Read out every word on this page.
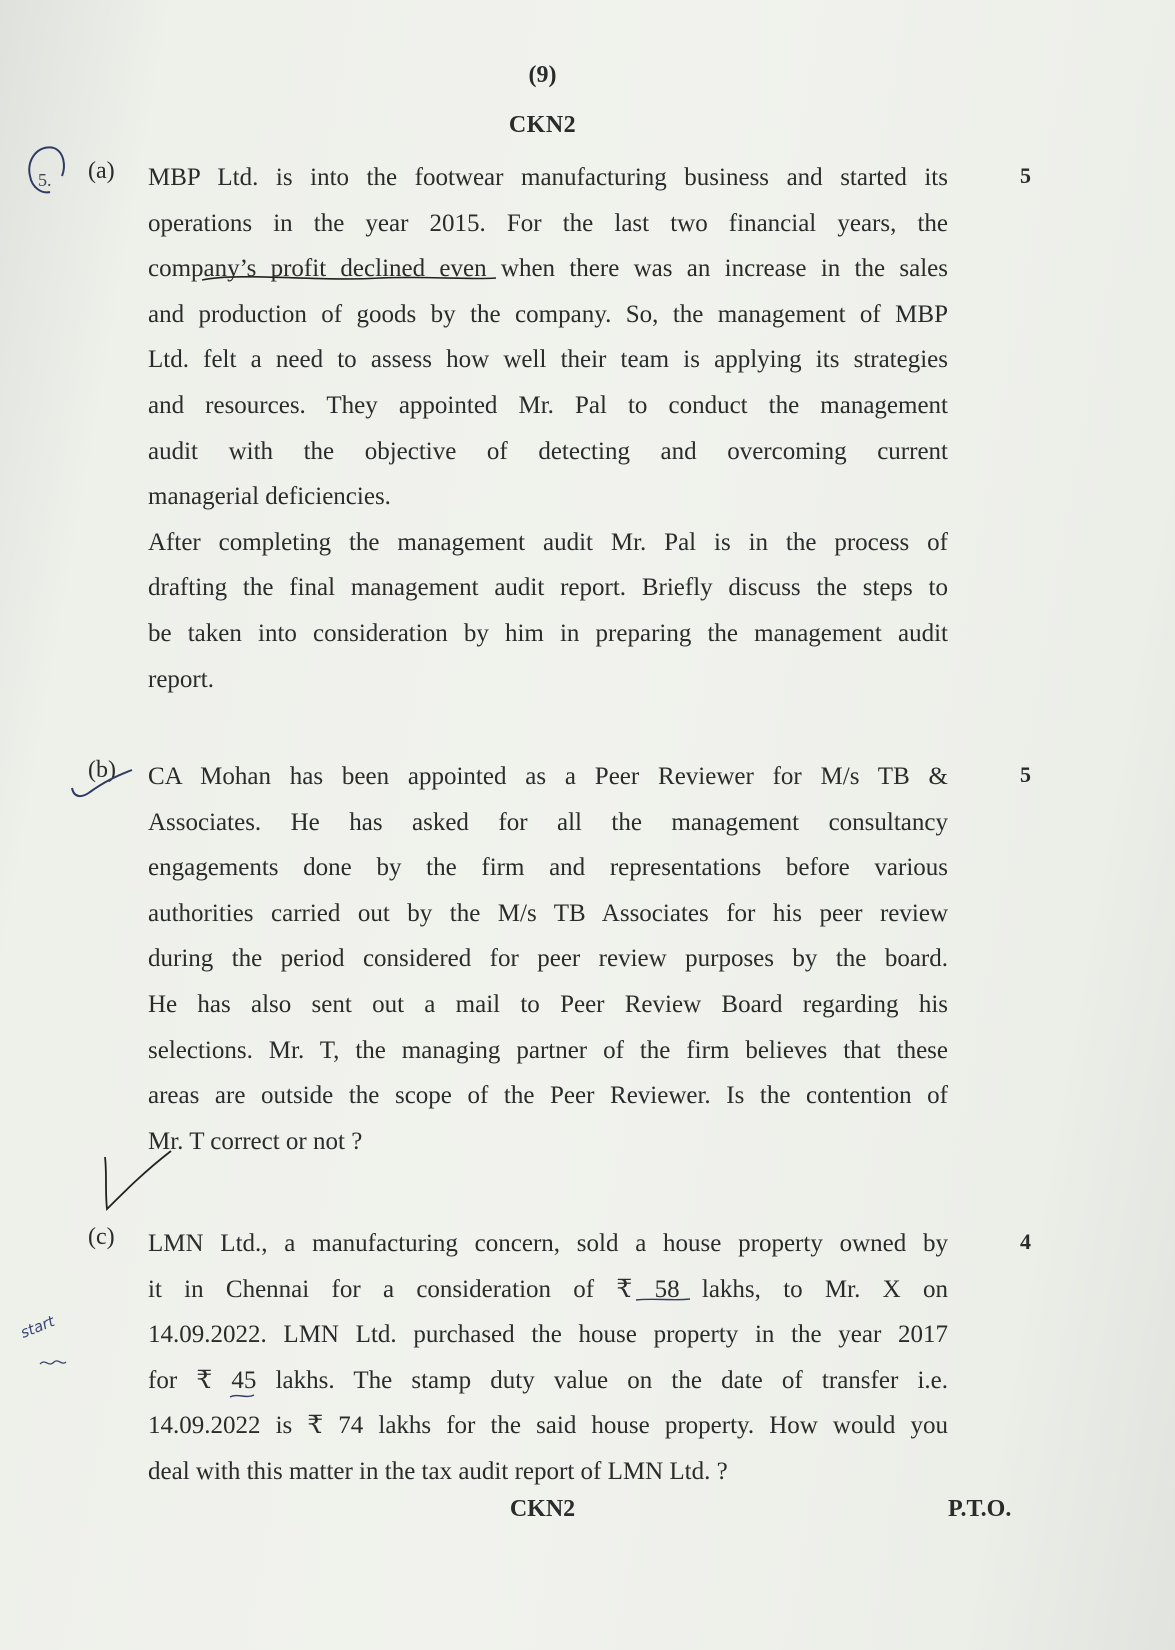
(9)
CKN2
5. (a)	5
MBP Ltd. is into the footwear manufacturing business and started its
operations in the year 2015. For the last two financial years, the
company’s profit declined even when there was an increase in the sales
and production of goods by the company. So, the management of MBP
Ltd. felt a need to assess how well their team is applying its strategies
and resources. They appointed Mr. Pal to conduct the management
audit with the objective of detecting and overcoming current
managerial deficiencies.
After completing the management audit Mr. Pal is in the process of
drafting the final management audit report. Briefly discuss the steps to
be taken into consideration by him in preparing the management audit
report.
(b)	5
CA Mohan has been appointed as a Peer Reviewer for M/s TB &
Associates. He has asked for all the management consultancy
engagements done by the firm and representations before various
authorities carried out by the M/s TB Associates for his peer review
during the period considered for peer review purposes by the board.
He has also sent out a mail to Peer Review Board regarding his
selections. Mr. T, the managing partner of the firm believes that these
areas are outside the scope of the Peer Reviewer. Is the contention of
Mr. T correct or not ?
(c)	4
LMN Ltd., a manufacturing concern, sold a house property owned by
it in Chennai for a consideration of ₹ 58 lakhs, to Mr. X on
14.09.2022. LMN Ltd. purchased the house property in the year 2017
for ₹ 45 lakhs. The stamp duty value on the date of transfer i.e.
14.09.2022 is ₹ 74 lakhs for the said house property. How would you
deal with this matter in the tax audit report of LMN Ltd. ?
start
CKN2	P.T.O.
